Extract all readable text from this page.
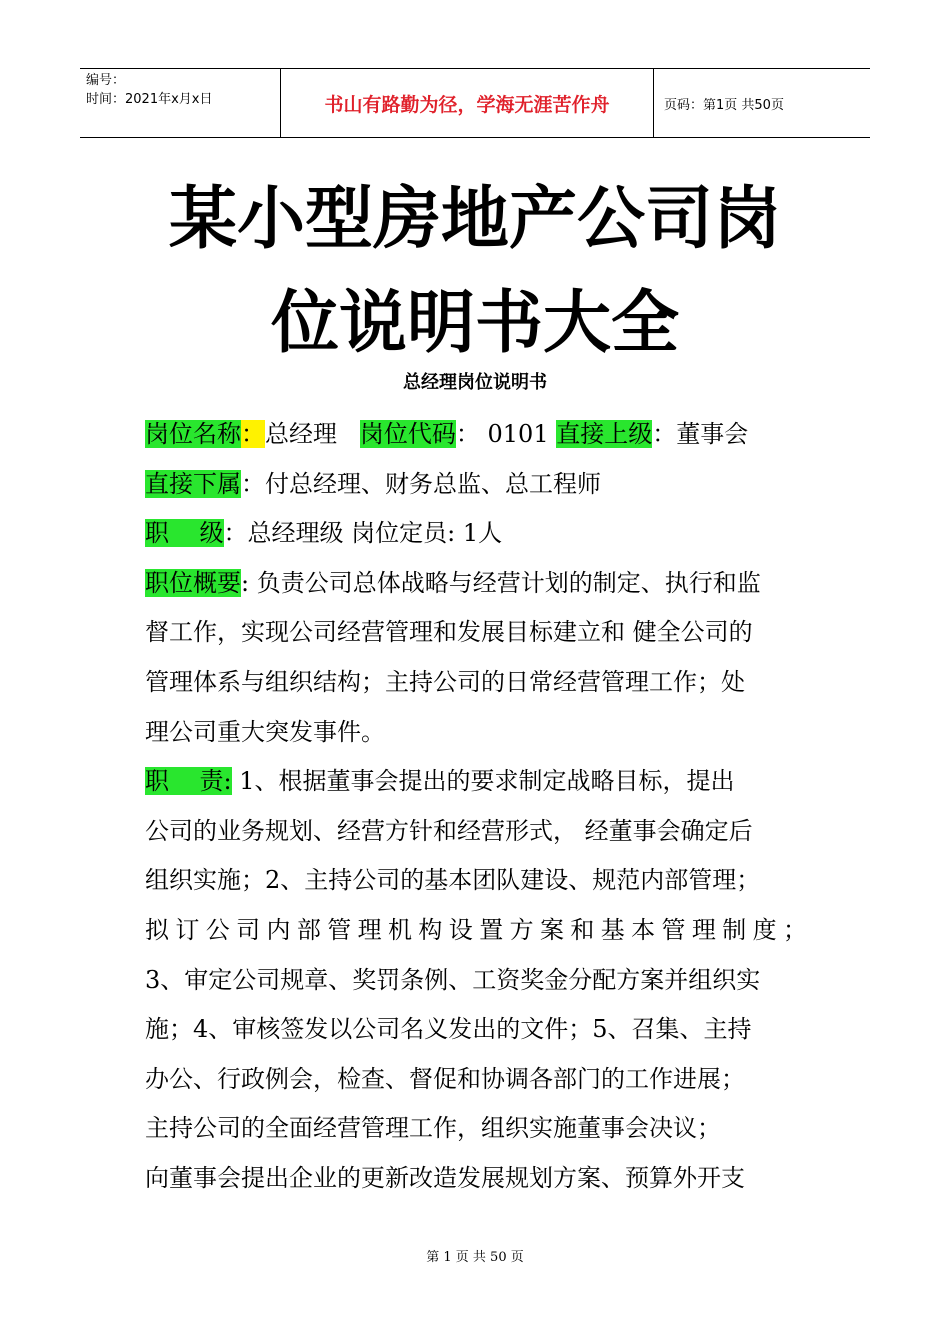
编号：
时间：2021年x月x日	书山有路勤为径，学海无涯苦作舟	页码：第1页 共50页
某小型房地产公司岗
位说明书大全
总经理岗位说明书
岗位名称：总经理 岗位代码： 0101 直接上级：董事会
直接下属：付总经理、财务总监、总工程师
职    级：总经理级 岗位定员: 1人
职位概要: 负责公司总体战略与经营计划的制定、执行和监
督工作，实现公司经营管理和发展目标建立和 健全公司的
管理体系与组织结构；主持公司的日常经营管理工作；处
理公司重大突发事件。
职    责: 1、根据董事会提出的要求制定战略目标，提出
公司的业务规划、经营方针和经营形式， 经董事会确定后
组织实施；2、主持公司的基本团队建设、规范内部管理；
拟订公司内部管理机构设置方案和基本管理制度；
3、审定公司规章、奖罚条例、工资奖金分配方案并组织实
施；4、审核签发以公司名义发出的文件；5、召集、主持
办公、行政例会，检查、督促和协调各部门的工作进展；
主持公司的全面经营管理工作，组织实施董事会决议；
向董事会提出企业的更新改造发展规划方案、预算外开支
第 1 页 共 50 页
